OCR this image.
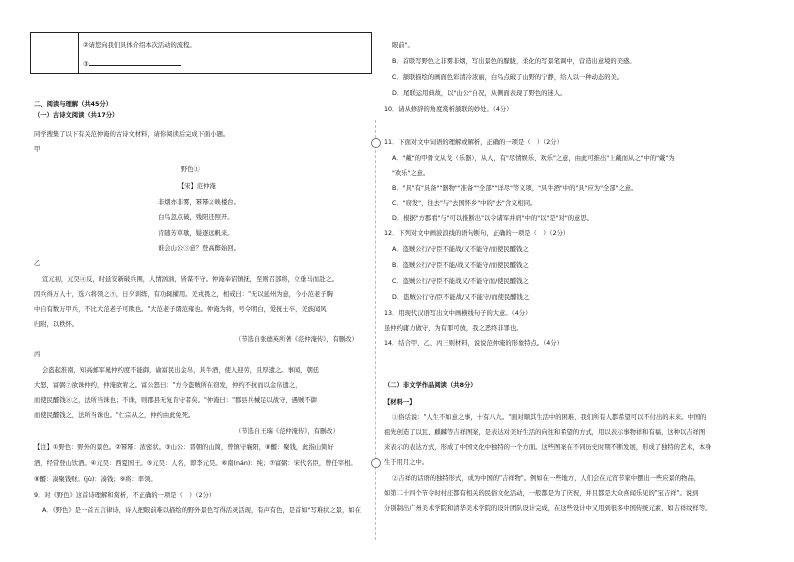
②请您向我们具体介绍本次活动的流程。
③
二、阅读与理解（共45分）
（一）古诗文阅读（共17分）
同学搜集了以下有关范仲淹的古诗文材料，请你阅读后完成下面小题。
甲
野色①
【宋】范仲淹
非烟亦非雾，幂幂②映楼台。
白鸟忽点破，残阳还照开。
肯随芳草歇，疑逐远帆来。
谁会山公③意？登高醉始回。
乙
宣元初，元昊④反，时延安新破兵围，人情汹汹，皆谋不守。仲淹奉诏镇抚，至则召部将，立垂马而赴之。
因兵得万人十，选六将领之⑤，日夕训练，有功辄擢用。羌戎畏之，相戒曰："无以延州为意，今小范老子胸
中自有数万甲兵，不比大范老子可欺也。"大范老子谓范雍也。仲淹为将，号令明白，爱抚士卒，羌族闻风
归附，以秩怀。
（节选自张德英所著《范仲淹传》，有删改）
丙
会盗起淮南，知高邮军晁仲约度不能御，谕富民出金帛，具牛酒，使人迎劳，且厚遗之。事闻，朝廷
大怒，富弼⑦欲诛仲约，仲淹欲宥之。富公怒曰："方今盗贼所在窃发，仲约不抗而以金帛遗之，
而使民醵钱⑧之，法所当诛也；不诛，则郡县无复肯守者矣。"仲淹曰："郡县兵械足以战守，遇贼不御
而使民醵钱之，法所当诛也。"仁宗从之，仲约由此免死。
（节选自王瑞《范仲淹传》，有删改）
【注】①野色：野外的景色。②幂幂：浓密状。③山公：晋朝的山简，曾镇守襄阳，⑧醵：聚钱，此指山简好
酒，经常登山饮酒。④元昊：西夏国王。⑤元昊：人名，即李元昊。⑥南(nán)：纯；⑦富弼：宋代名臣，曾任宰相。
⑧醵：凑聚钱财。(jù)：凑钱；⑨将：率领。
9．对《野色》这首诗理解和赏析，不正确的一项是（　）（2分）
A．《野色》是一首五言律诗，诗人把眼前难以描绘的野外景色写得活灵活现，有声有色，是首如"写难状之景，如在
眼前"。
B．首联写野色之非雾非烟，写出景色的朦胧，柔化的写景笔调中，营造出意境的美感。
C．颔联描绘的画面色彩清冷浓丽，白鸟点破了山野的宁静，给人以一种动态的美。
D．尾联运用典故，以"山公"自况，从侧面表现了野色的迷人。
10．请从修辞的角度赏析颔联的妙处。（4分）
11．下面对文中词语的理解或解析，正确的一项是（　）（2分）
A．"戴"的甲骨文从戈（乐器），从人，有"尽情娱乐、欢乐"之意，由此可推出"上戴而从之"中的"戴"为
"欢乐"之意。
B．"具"有"具备""器物""准备""全部""详尽"等义项，"具牛酒"中的"具"应为"全部"之意。
C．"窃发"，往去"与"去国怀乡"中的"去"含义相同。
D．根据"方郡看"与"可以推断出"以令诸军并肩"中的"以"是"对"的意思。
12．下列对文中画波浪线的语句断句，正确的一项是（　）（2分）
A．盗贼公行/守臣不能战/又不能守/而使民醵钱之
B．盗贼公行/守臣不能/战又不能守/而使民醵钱之
C．盗贼公行/守臣不能战又/不能守而/使民醵钱之
D．盗贼公行守/臣不能战/又不能守/而使民醵钱之
13．用现代汉语写出文中画横线句子的大意。（4分）
虽仲约庸力做守，为有罪可放，我之恶终非罪也。
14．结合甲、乙、丙三则材料，说说范仲淹的形象特点。（4分）
（二）非文学作品阅读（共8分）
【材料一】
①俗话说："人生不如意之事，十有八九。"面对顺其生活中的困难，我们所有人都希望可以不付出的未来。中国的
祖先创造了以瓦、麒麟等吉祥图案，是表达对美好生活的向往和希望的方式，用以表示事物祥和有福，这种以吉祥图
来表示的表达方式，形成了中国文化中独特的一个方面。这些图案在不同历史时期不断发展，形成了独特的艺术，本身
生于用月之中。
②吉祥的话语的独特形式，成为中国的"吉祥物"。例如在一些地方，人们会在元宵节家中摆出一些应景的物品，
如第二十四个节令时村庄都有相关的民俗文化活动，一般都是为了庆祝，并且都是大众喜闻乐见的"宝吉祥"。说到
分别制出广州美术学院和清华美术学院的设计团队设计完成，在这些设计中又用到很多中国传统元素，如吉祥纹样等。
